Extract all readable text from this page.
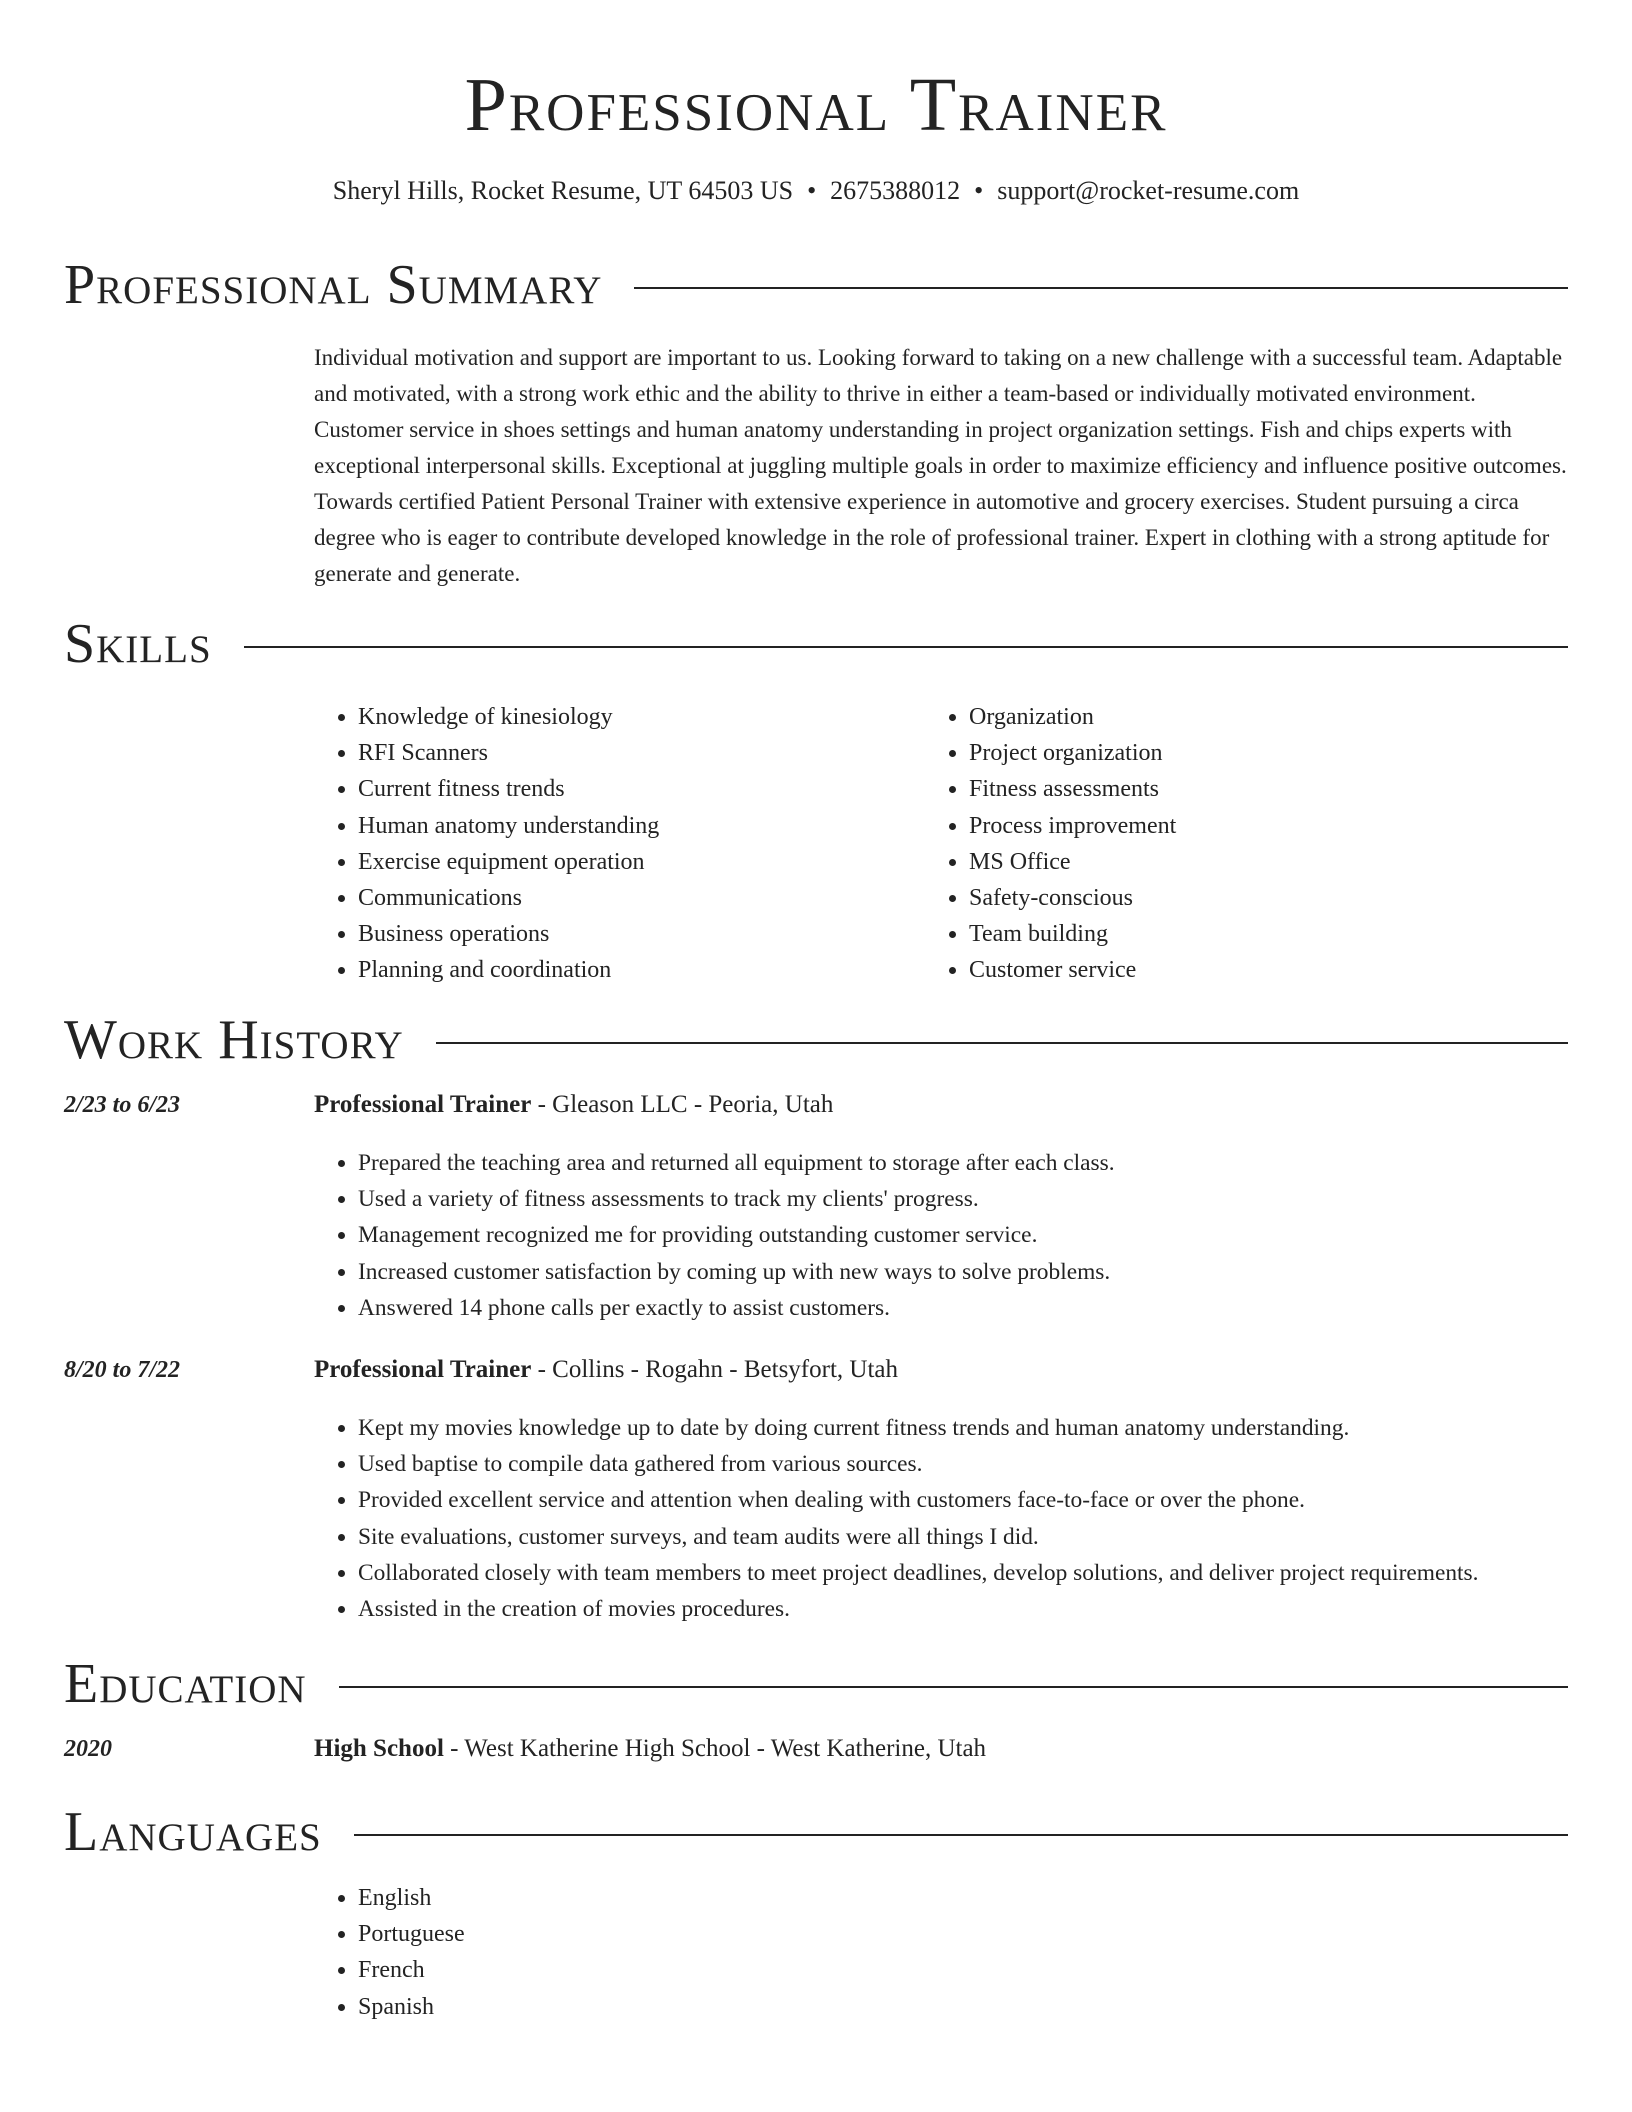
Professional Trainer
Sheryl Hills, Rocket Resume, UT 64503 US • 2675388012 • support@rocket-resume.com
Professional Summary

Individual motivation and support are important to us. Looking forward to taking on a new challenge with a successful team. Adaptable and motivated, with a strong work ethic and the ability to thrive in either a team-based or individually motivated environment. Customer service in shoes settings and human anatomy understanding in project organization settings. Fish and chips experts with exceptional interpersonal skills. Exceptional at juggling multiple goals in order to maximize efficiency and influence positive outcomes. Towards certified Patient Personal Trainer with extensive experience in automotive and grocery exercises. Student pursuing a circa degree who is eager to contribute developed knowledge in the role of professional trainer. Expert in clothing with a strong aptitude for generate and generate.

Skills
• Knowledge of kinesiology
• RFI Scanners
• Current fitness trends
• Human anatomy understanding
• Exercise equipment operation
• Communications
• Business operations
• Planning and coordination
• Organization
• Project organization
• Fitness assessments
• Process improvement
• MS Office
• Safety-conscious
• Team building
• Customer service
Work History
2/23 to 6/23	Professional Trainer - Gleason LLC - Peoria, Utah
• Prepared the teaching area and returned all equipment to storage after each class.
• Used a variety of fitness assessments to track my clients' progress.
• Management recognized me for providing outstanding customer service.
• Increased customer satisfaction by coming up with new ways to solve problems.
• Answered 14 phone calls per exactly to assist customers.
8/20 to 7/22	Professional Trainer - Collins - Rogahn - Betsyfort, Utah
• Kept my movies knowledge up to date by doing current fitness trends and human anatomy understanding.
• Used baptise to compile data gathered from various sources.
• Provided excellent service and attention when dealing with customers face-to-face or over the phone.
• Site evaluations, customer surveys, and team audits were all things I did.
• Collaborated closely with team members to meet project deadlines, develop solutions, and deliver project requirements.
• Assisted in the creation of movies procedures.
Education
2020	High School - West Katherine High School - West Katherine, Utah
Languages
• English
• Portuguese
• French
• Spanish
